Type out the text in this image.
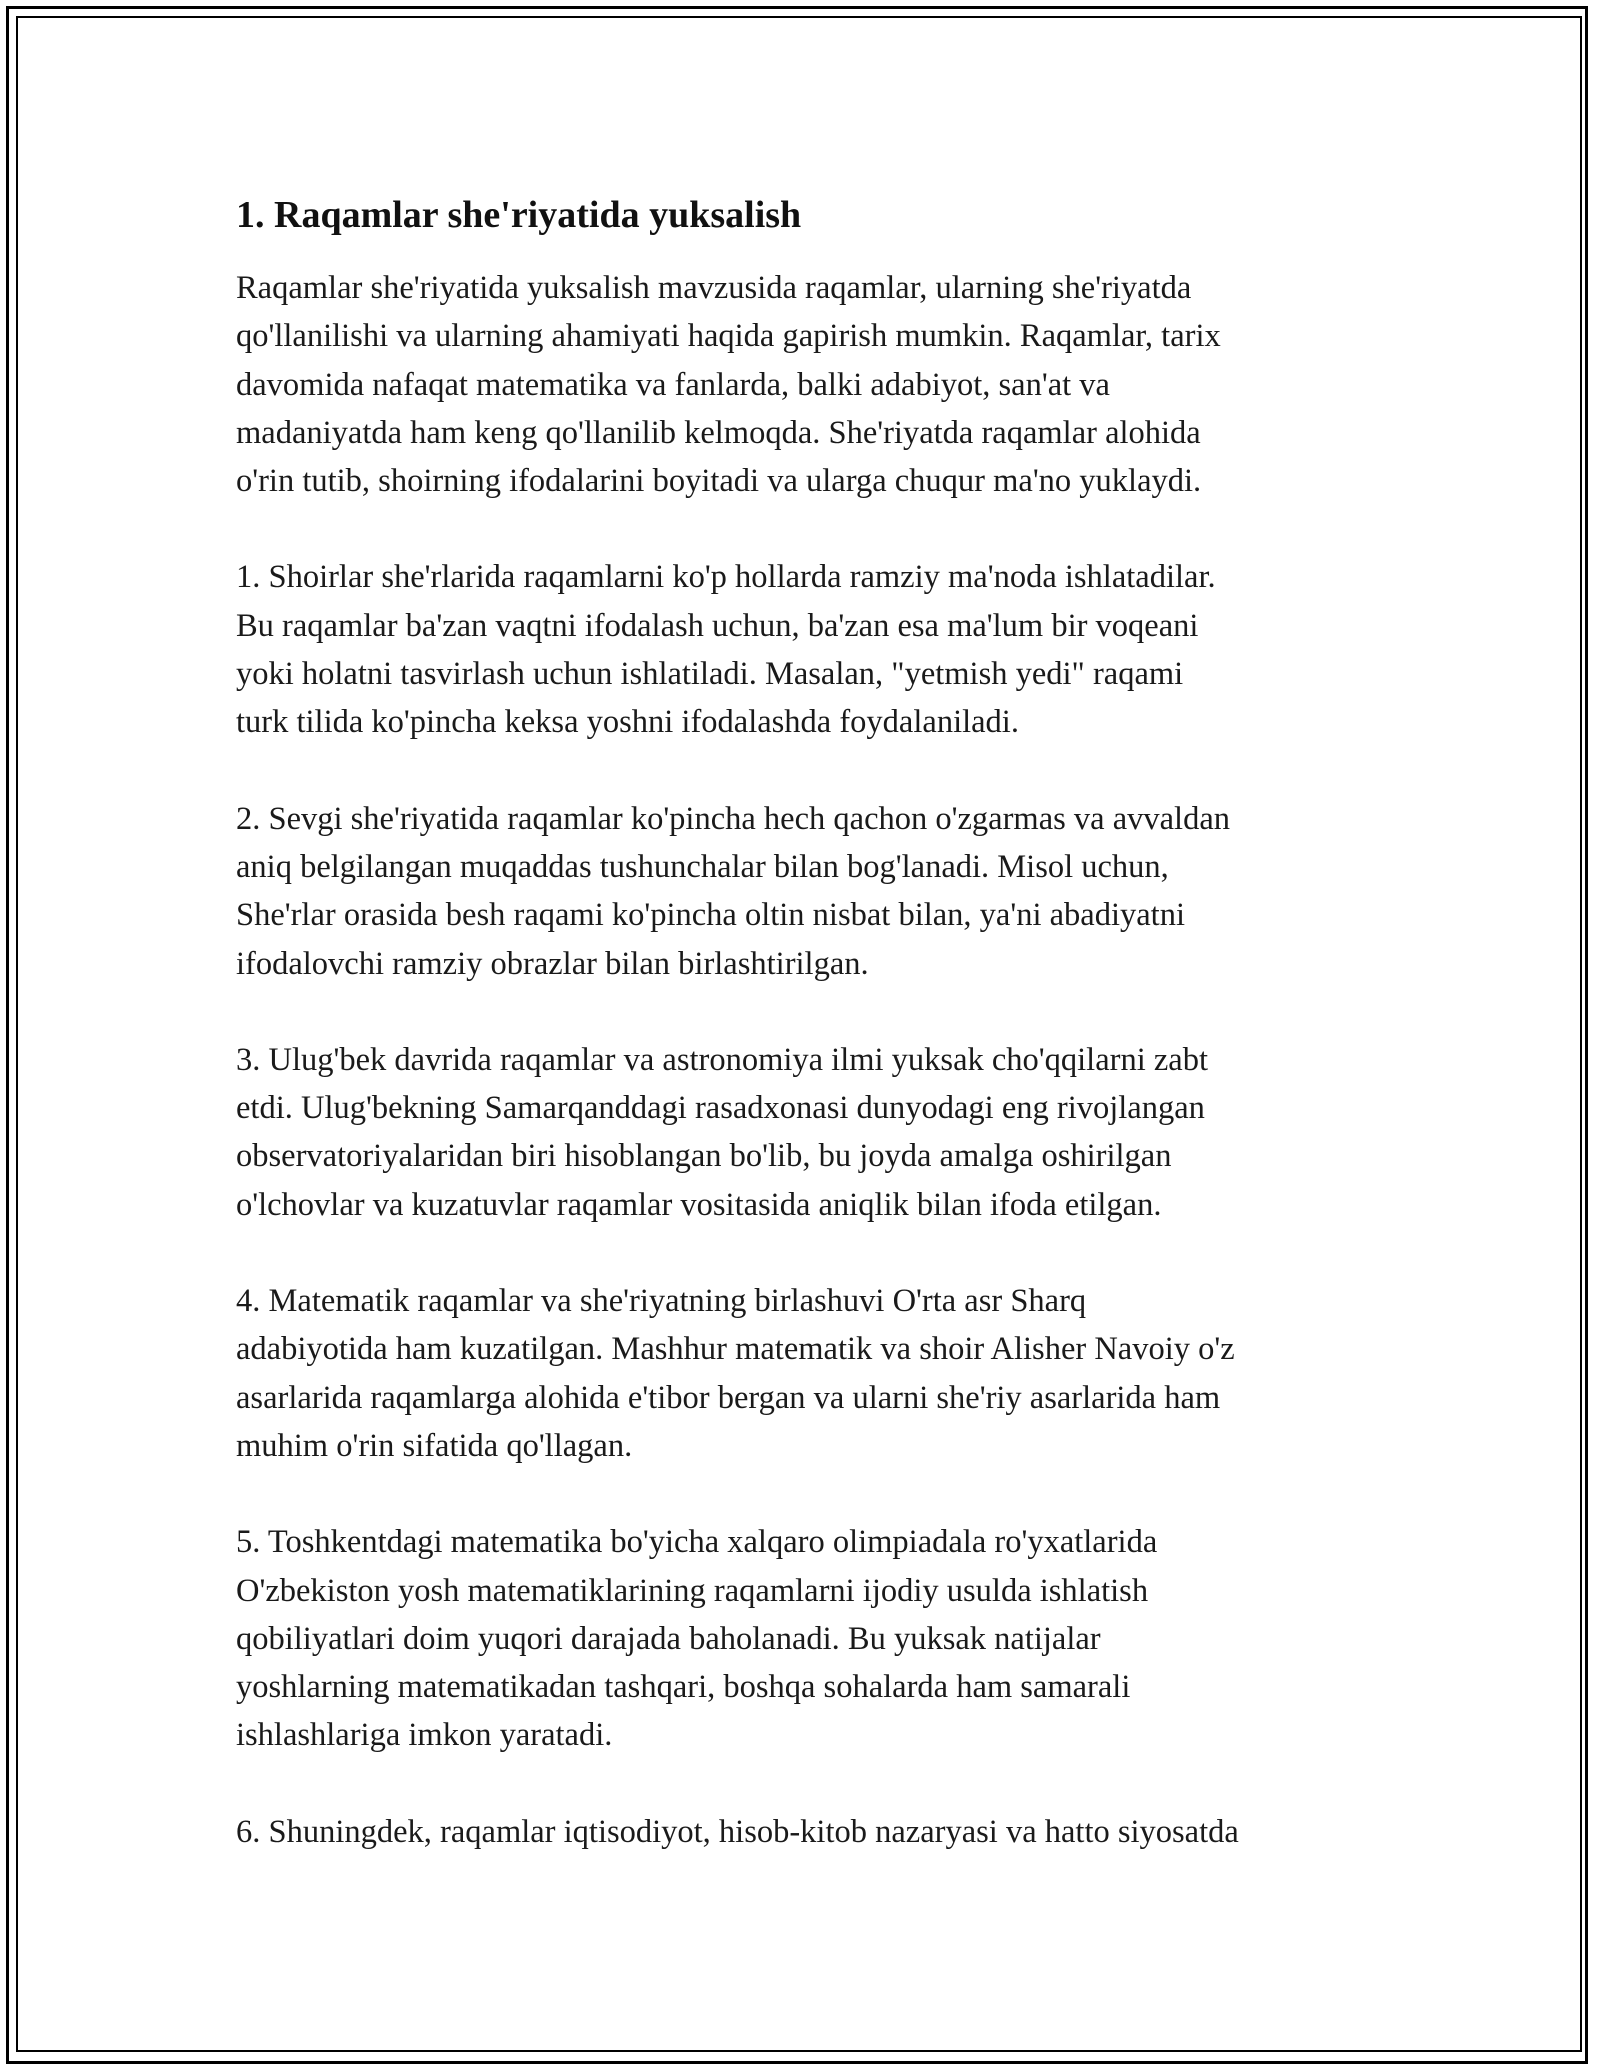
1. Raqamlar she'riyatida yuksalish

Raqamlar she'riyatida yuksalish mavzusida raqamlar, ularning she'riyatda
qo'llanilishi va ularning ahamiyati haqida gapirish mumkin. Raqamlar, tarix
davomida nafaqat matematika va fanlarda, balki adabiyot, san'at va
madaniyatda ham keng qo'llanilib kelmoqda. She'riyatda raqamlar alohida
o'rin tutib, shoirning ifodalarini boyitadi va ularga chuqur ma'no yuklaydi.

1. Shoirlar she'rlarida raqamlarni ko'p hollarda ramziy ma'noda ishlatadilar.
Bu raqamlar ba'zan vaqtni ifodalash uchun, ba'zan esa ma'lum bir voqeani
yoki holatni tasvirlash uchun ishlatiladi. Masalan, "yetmish yedi" raqami
turk tilida ko'pincha keksa yoshni ifodalashda foydalaniladi.

2. Sevgi she'riyatida raqamlar ko'pincha hech qachon o'zgarmas va avvaldan
aniq belgilangan muqaddas tushunchalar bilan bog'lanadi. Misol uchun,
She'rlar orasida besh raqami ko'pincha oltin nisbat bilan, ya'ni abadiyatni
ifodalovchi ramziy obrazlar bilan birlashtirilgan.

3. Ulug'bek davrida raqamlar va astronomiya ilmi yuksak cho'qqilarni zabt
etdi. Ulug'bekning Samarqanddagi rasadxonasi dunyodagi eng rivojlangan
observatoriyalaridan biri hisoblangan bo'lib, bu joyda amalga oshirilgan
o'lchovlar va kuzatuvlar raqamlar vositasida aniqlik bilan ifoda etilgan.

4. Matematik raqamlar va she'riyatning birlashuvi O'rta asr Sharq
adabiyotida ham kuzatilgan. Mashhur matematik va shoir Alisher Navoiy o'z
asarlarida raqamlarga alohida e'tibor bergan va ularni she'riy asarlarida ham
muhim o'rin sifatida qo'llagan.

5. Toshkentdagi matematika bo'yicha xalqaro olimpiadala ro'yxatlarida
O'zbekiston yosh matematiklarining raqamlarni ijodiy usulda ishlatish
qobiliyatlari doim yuqori darajada baholanadi. Bu yuksak natijalar
yoshlarning matematikadan tashqari, boshqa sohalarda ham samarali
ishlashlariga imkon yaratadi.

6. Shuningdek, raqamlar iqtisodiyot, hisob-kitob nazaryasi va hatto siyosatda
